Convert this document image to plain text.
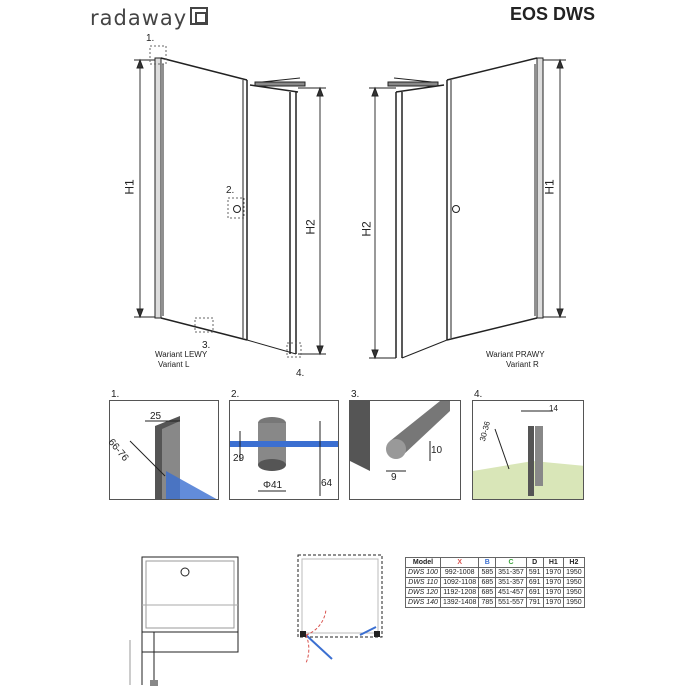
radaway	EOS DWS
1.
2.
3.
4.
H1
H2	H2
H1
Wariant LEWY
Variant L
Wariant PRAWY
Variant R
1.	2.	3.	4.
25
66-76	29
64
Φ41
10
9
14
30-36
Model	X	B	C	D	H1	H2
DWS 100	992-1008	585	351-357	591	1970	1950
DWS 110	1092-1108	685	351-357	691	1970	1950
DWS 120	1192-1208	685	451-457	691	1970	1950
DWS 140	1392-1408	785	551-557	791	1970	1950
